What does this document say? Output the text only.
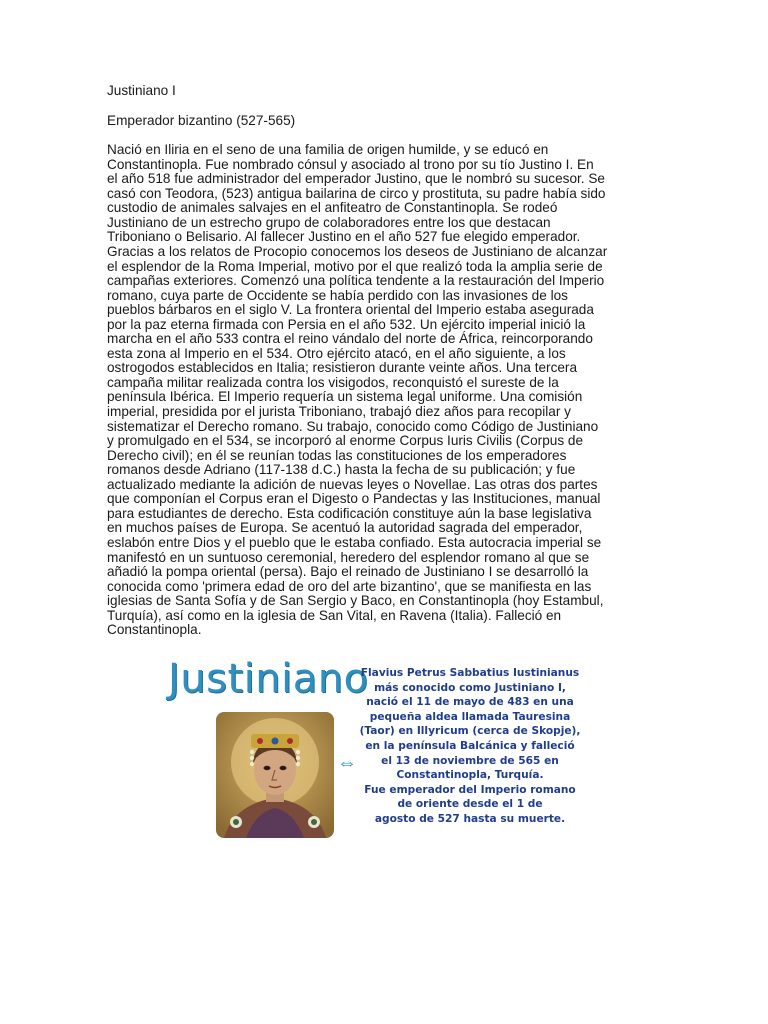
Justiniano I

Emperador bizantino (527-565)

Nació en Iliria en el seno de una familia de origen humilde, y se educó en
Constantinopla. Fue nombrado cónsul y asociado al trono por su tío Justino I. En
el año 518 fue administrador del emperador Justino, que le nombró su sucesor. Se
casó con Teodora, (523) antigua bailarina de circo y prostituta, su padre había sido
custodio de animales salvajes en el anfiteatro de Constantinopla. Se rodeó
Justiniano de un estrecho grupo de colaboradores entre los que destacan
Triboniano o Belisario. Al fallecer Justino en el año 527 fue elegido emperador.
Gracias a los relatos de Procopio conocemos los deseos de Justiniano de alcanzar
el esplendor de la Roma Imperial, motivo por el que realizó toda la amplia serie de
campañas exteriores. Comenzó una política tendente a la restauración del Imperio
romano, cuya parte de Occidente se había perdido con las invasiones de los
pueblos bárbaros en el siglo V. La frontera oriental del Imperio estaba asegurada
por la paz eterna firmada con Persia en el año 532. Un ejército imperial inició la
marcha en el año 533 contra el reino vándalo del norte de África, reincorporando
esta zona al Imperio en el 534. Otro ejército atacó, en el año siguiente, a los
ostrogodos establecidos en Italia; resistieron durante veinte años. Una tercera
campaña militar realizada contra los visigodos, reconquistó el sureste de la
península Ibérica. El Imperio requería un sistema legal uniforme. Una comisión
imperial, presidida por el jurista Triboniano, trabajó diez años para recopilar y
sistematizar el Derecho romano. Su trabajo, conocido como Código de Justiniano
y promulgado en el 534, se incorporó al enorme Corpus Iuris Civilis (Corpus de
Derecho civil); en él se reunían todas las constituciones de los emperadores
romanos desde Adriano (117-138 d.C.) hasta la fecha de su publicación; y fue
actualizado mediante la adición de nuevas leyes o Novellae. Las otras dos partes
que componían el Corpus eran el Digesto o Pandectas y las Instituciones, manual
para estudiantes de derecho. Esta codificación constituye aún la base legislativa
en muchos países de Europa. Se acentuó la autoridad sagrada del emperador,
eslabón entre Dios y el pueblo que le estaba confiado. Esta autocracia imperial se
manifestó en un suntuoso ceremonial, heredero del esplendor romano al que se
añadió la pompa oriental (persa). Bajo el reinado de Justiniano I se desarrolló la
conocida como 'primera edad de oro del arte bizantino', que se manifiesta en las
iglesias de Santa Sofía y de San Sergio y Baco, en Constantinopla (hoy Estambul,
Turquía), así como en la iglesia de San Vital, en Ravena (Italia). Falleció en
Constantinopla.

Justiniano
⇔
Flavius Petrus Sabbatius Iustinianus
más conocido como Justiniano I,
nació el 11 de mayo de 483 en una
pequeña aldea llamada Tauresina
(Taor) en Illyricum (cerca de Skopje),
en la península Balcánica y falleció
el 13 de noviembre de 565 en
Constantinopla, Turquía.
Fue emperador del Imperio romano
de oriente desde el 1 de
agosto de 527 hasta su muerte.
